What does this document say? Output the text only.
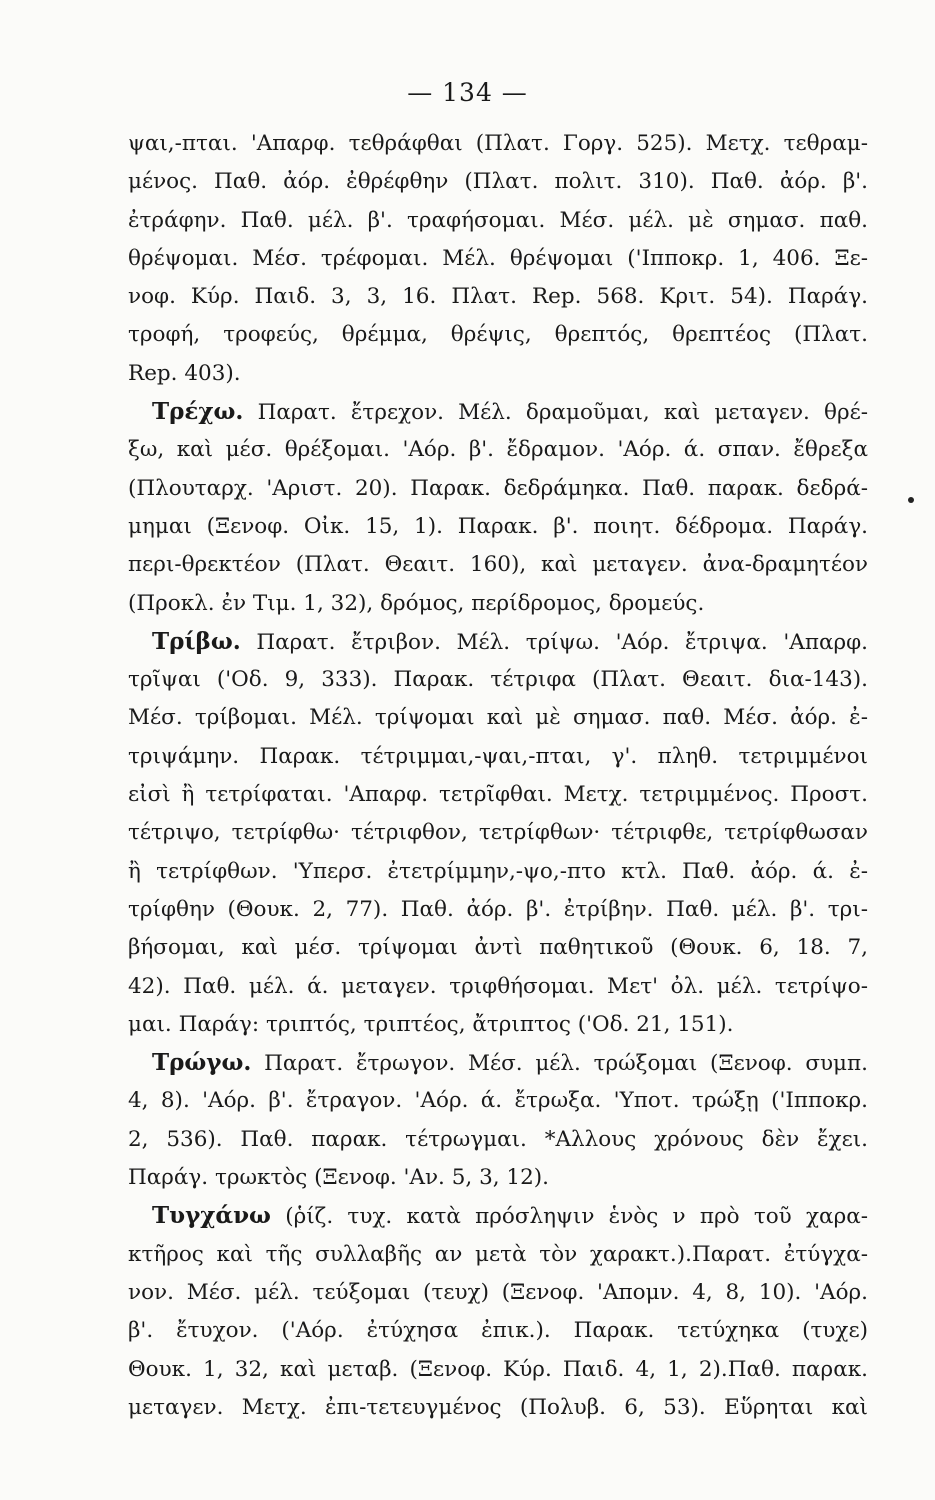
— 134 —
ψαι,-πται. 'Απαρφ. τεθράφθαι (Πλατ. Γοργ. 525). Μετχ. τεθραμ-
μένος. Παθ. ἀόρ. ἐθρέφθην (Πλατ. πολιτ. 310). Παθ. ἀόρ. β'.
ἐτράφην. Παθ. μέλ. β'. τραφήσομαι. Μέσ. μέλ. μὲ σημασ. παθ.
θρέψομαι. Μέσ. τρέφομαι. Μέλ. θρέψομαι ('Ιπποκρ. 1, 406. Ξε-
νοφ. Κύρ. Παιδ. 3, 3, 16. Πλατ. Rep. 568. Κριτ. 54). Παράγ.
τροφή, τροφεύς, θρέμμα, θρέψις, θρεπτός, θρεπτέος (Πλατ.
Rep. 403).
Τρέχω. Παρατ. ἔτρεχον. Μέλ. δραμοῦμαι, καὶ μεταγεν. θρέ-
ξω, καὶ μέσ. θρέξομαι. 'Αόρ. β'. ἔδραμον. 'Αόρ. ά. σπαν. ἔθρεξα
(Πλουταρχ. 'Αριστ. 20). Παρακ. δεδράμηκα. Παθ. παρακ. δεδρά-
μημαι (Ξενοφ. Οἰκ. 15, 1). Παρακ. β'. ποιητ. δέδρομα. Παράγ.
περι-θρεκτέον (Πλατ. Θεαιτ. 160), καὶ μεταγεν. ἀνα-δραμητέον
(Προκλ. ἐν Τιμ. 1, 32), δρόμος, περίδρομος, δρομεύς.
Τρίβω. Παρατ. ἔτριβον. Μέλ. τρίψω. 'Αόρ. ἔτριψα. 'Απαρφ.
τρῖψαι ('Οδ. 9, 333). Παρακ. τέτριφα (Πλατ. Θεαιτ. δια-143).
Μέσ. τρίβομαι. Μέλ. τρίψομαι καὶ μὲ σημασ. παθ. Μέσ. ἀόρ. ἐ-
τριψάμην. Παρακ. τέτριμμαι,-ψαι,-πται, γ'. πληθ. τετριμμένοι
εἰσὶ ἢ τετρίφαται. 'Απαρφ. τετρῖφθαι. Μετχ. τετριμμένος. Προστ.
τέτριψο, τετρίφθω· τέτριφθον, τετρίφθων· τέτριφθε, τετρίφθωσαν
ἢ τετρίφθων. 'Υπερσ. ἐτετρίμμην,-ψο,-πτο κτλ. Παθ. ἀόρ. ά. ἐ-
τρίφθην (Θουκ. 2, 77). Παθ. ἀόρ. β'. ἐτρίβην. Παθ. μέλ. β'. τρι-
βήσομαι, καὶ μέσ. τρίψομαι ἀντὶ παθητικοῦ (Θουκ. 6, 18. 7,
42). Παθ. μέλ. ά. μεταγεν. τριφθήσομαι. Μετ' ὀλ. μέλ. τετρίψο-
μαι. Παράγ: τριπτός, τριπτέος, ἄτριπτος ('Οδ. 21, 151).
Τρώγω. Παρατ. ἔτρωγον. Μέσ. μέλ. τρώξομαι (Ξενοφ. συμπ.
4, 8). 'Αόρ. β'. ἔτραγον. 'Αόρ. ά. ἔτρωξα. 'Υποτ. τρώξῃ ('Ιπποκρ.
2, 536). Παθ. παρακ. τέτρωγμαι. *Αλλους χρόνους δὲν ἔχει.
Παράγ. τρωκτὸς (Ξενοφ. 'Αν. 5, 3, 12).
Τυγχάνω (ῥίζ. τυχ. κατὰ πρόσληψιν ἑνὸς ν πρὸ τοῦ χαρα-
κτῆρος καὶ τῆς συλλαβῆς αν μετὰ τὸν χαρακτ.).Παρατ. ἐτύγχα-
νον. Μέσ. μέλ. τεύξομαι (τευχ) (Ξενοφ. 'Απομν. 4, 8, 10). 'Αόρ.
β'. ἔτυχον. ('Αόρ. ἐτύχησα ἐπικ.). Παρακ. τετύχηκα (τυχε)
Θουκ. 1, 32, καὶ μεταβ. (Ξενοφ. Κύρ. Παιδ. 4, 1, 2).Παθ. παρακ.
μεταγεν. Μετχ. ἐπι-τετευγμένος (Πολυβ. 6, 53). Εὕρηται καὶ
